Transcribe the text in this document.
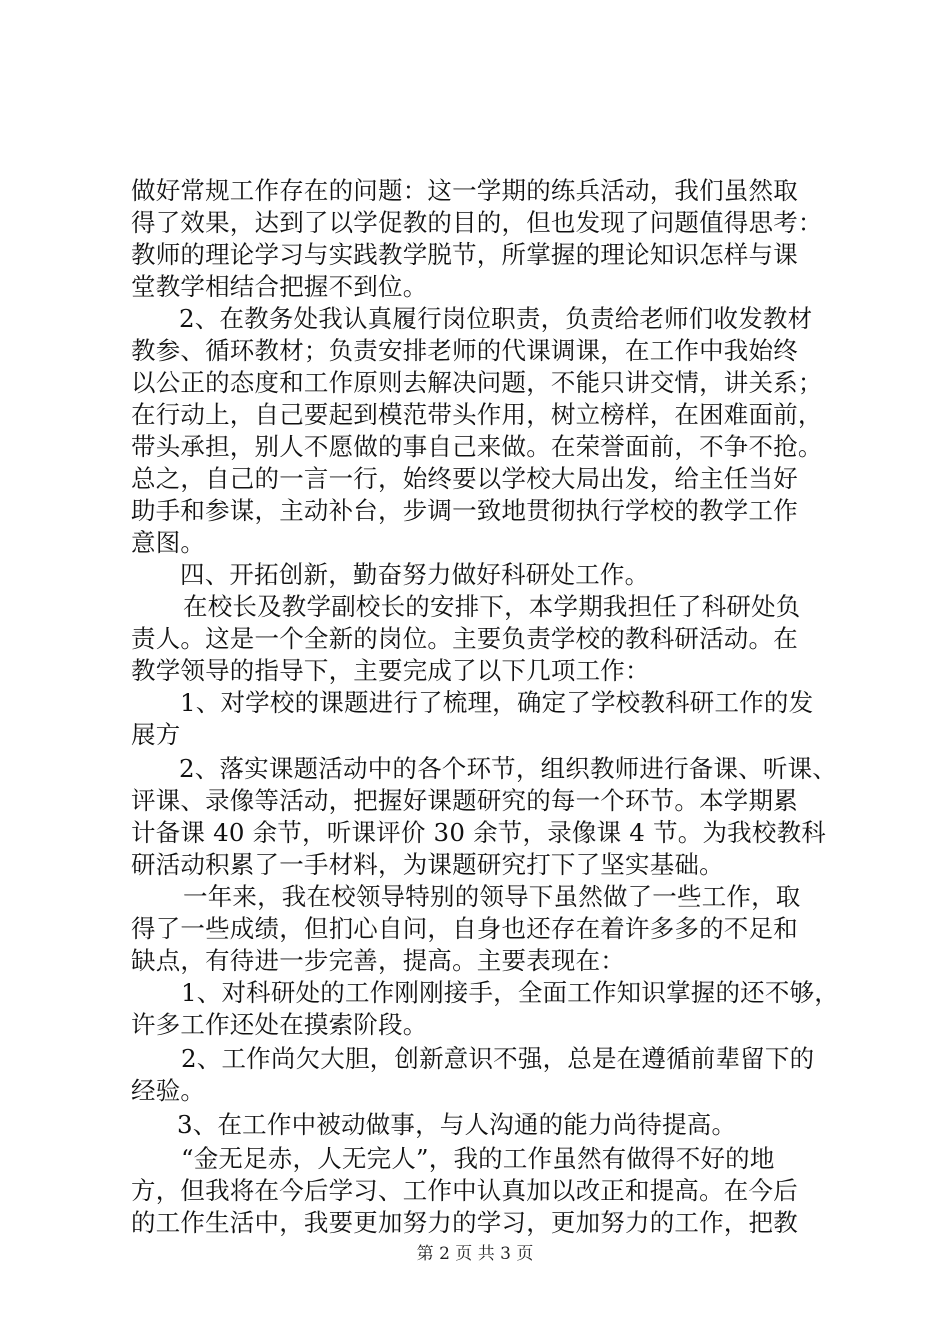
做好常规工作存在的问题：这一学期的练兵活动，我们虽然取
得了效果，达到了以学促教的目的，但也发现了问题值得思考：
教师的理论学习与实践教学脱节，所掌握的理论知识怎样与课
堂教学相结合把握不到位。
2、在教务处我认真履行岗位职责，负责给老师们收发教材
教参、循环教材；负责安排老师的代课调课，在工作中我始终
以公正的态度和工作原则去解决问题，不能只讲交情，讲关系；
在行动上，自己要起到模范带头作用，树立榜样，在困难面前，
带头承担，别人不愿做的事自己来做。在荣誉面前，不争不抢。
总之，自己的一言一行，始终要以学校大局出发，给主任当好
助手和参谋，主动补台，步调一致地贯彻执行学校的教学工作
意图。
四、开拓创新，勤奋努力做好科研处工作。
在校长及教学副校长的安排下，本学期我担任了科研处负
责人。这是一个全新的岗位。主要负责学校的教科研活动。在
教学领导的指导下，主要完成了以下几项工作：
1、对学校的课题进行了梳理，确定了学校教科研工作的发
展方
2、落实课题活动中的各个环节，组织教师进行备课、听课、
评课、录像等活动，把握好课题研究的每一个环节。本学期累
计备课 40 余节，听课评价 30 余节，录像课 4 节。为我校教科
研活动积累了一手材料，为课题研究打下了坚实基础。
一年来，我在校领导特别的领导下虽然做了一些工作，取
得了一些成绩，但扪心自问，自身也还存在着许多多的不足和
缺点，有待进一步完善，提高。主要表现在：
1、对科研处的工作刚刚接手，全面工作知识掌握的还不够，
许多工作还处在摸索阶段。
2、工作尚欠大胆，创新意识不强，总是在遵循前辈留下的
经验。
3、在工作中被动做事，与人沟通的能力尚待提高。
“金无足赤，人无完人”，我的工作虽然有做得不好的地
方，但我将在今后学习、工作中认真加以改正和提高。在今后
的工作生活中，我要更加努力的学习，更加努力的工作，把教
第 2 页 共 3 页
